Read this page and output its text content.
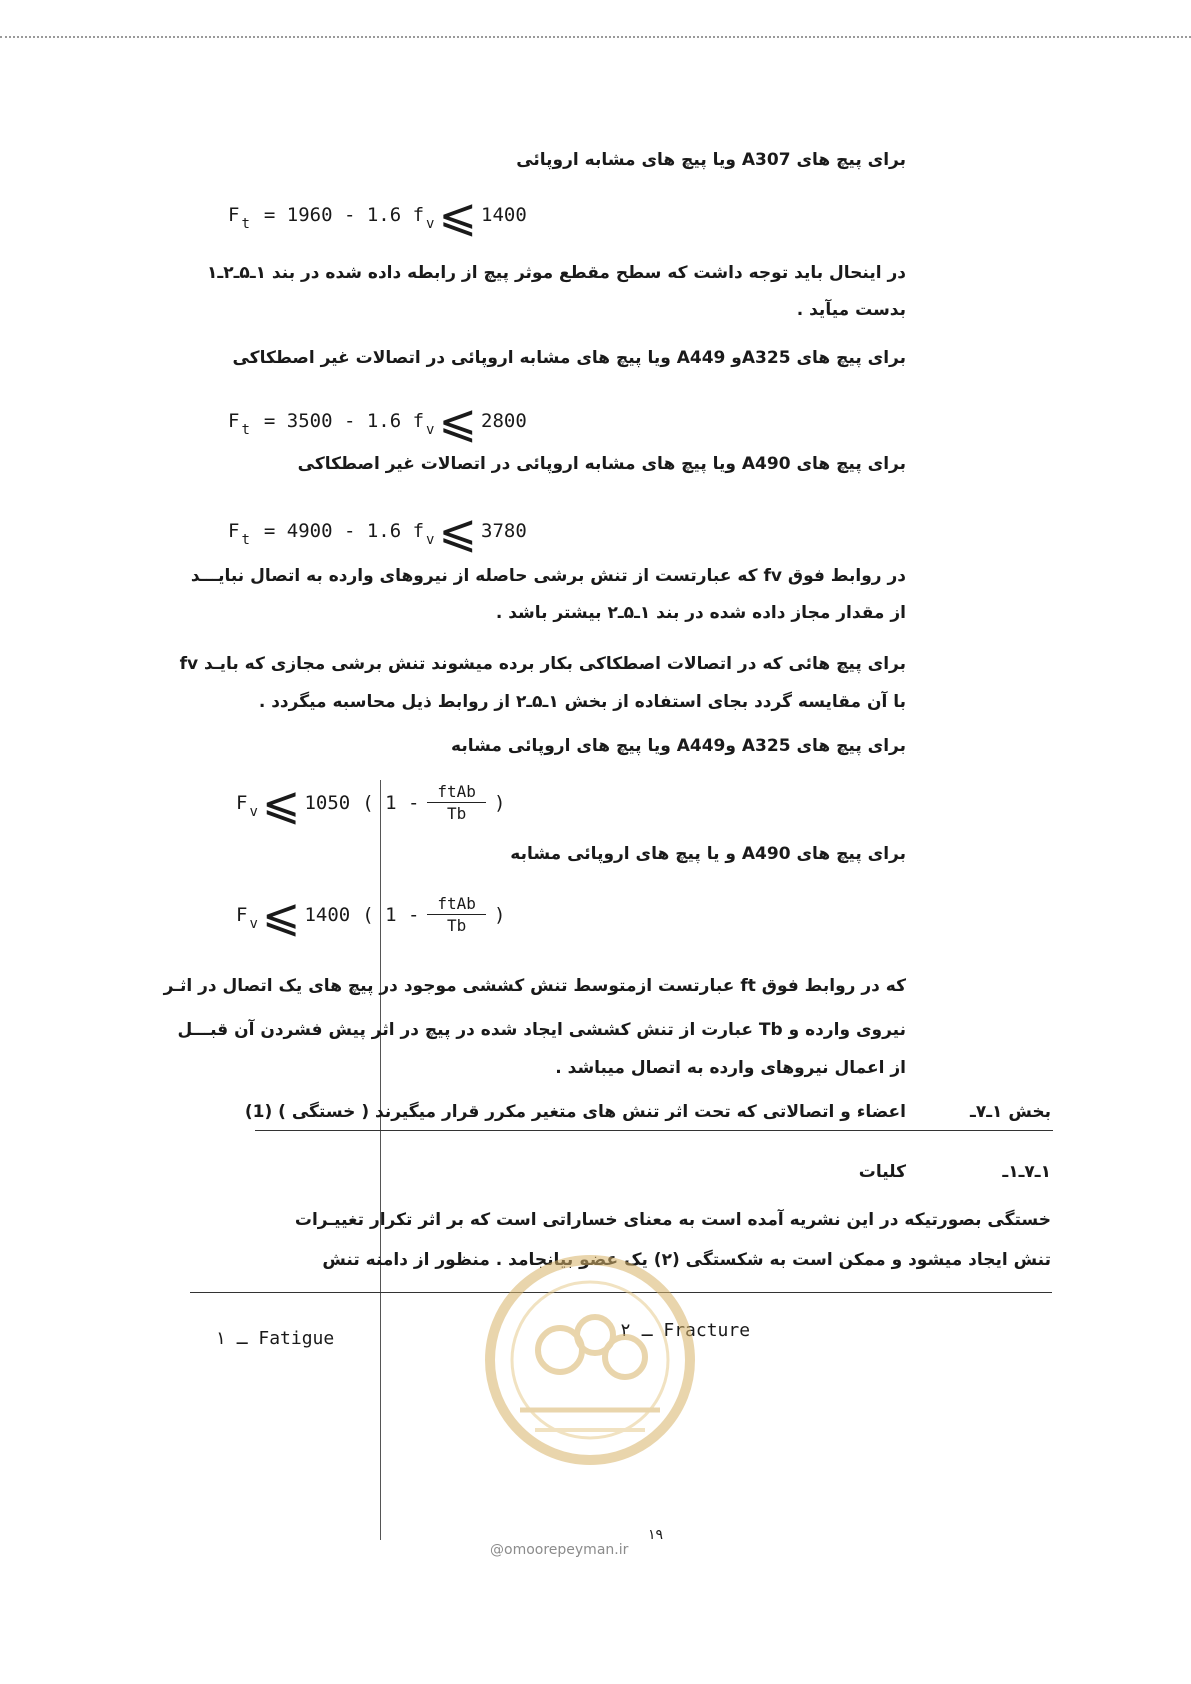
برای پیچ های A307 ویا پیچ های مشابه اروپائی
F t = 1960 - 1.6 f v ⩽ 1400
در اینحال باید توجه داشت که سطح مقطع موثر پیچ از رابطه داده شده در بند ۱ـ۵ـ۲ـ۱
بدست میآید .
برای پیچ های A325و A449 ویا پیچ های مشابه اروپائی در اتصالات غیر اصطکاکی
F t = 3500 - 1.6 f v ⩽ 2800
برای پیچ های A490 ویا پیچ های مشابه اروپائی در اتصالات غیر اصطکاکی
F t = 4900 - 1.6 f v ⩽ 3780
در روابط فوق fv که عبارتست از تنش برشی حاصله از نیروهای وارده به اتصال نبایـــد
از مقدار مجاز داده شده در بند ۱ـ۵ـ۲ بیشتر باشد .
برای پیچ هائی که در اتصالات اصطکاکی بکار برده میشوند تنش برشی مجازی که بایـد fv
با آن مقایسه گردد بجای استفاده از بخش ۱ـ۵ـ۲ از روابط ذیل محاسبه میگردد .
برای پیچ های A325 وA449 ویا پیچ های اروپائی مشابه
F v ⩽ 1050 ( $1 - \frac{\text{ftAb}}{Tb}$ )
برای پیچ های A490 و یا پیچ های اروپائی مشابه
F v ⩽ 1400 ( $1 - \frac{\text{ftAb}}{Tb}$ )
که در روابط فوق ft عبارتست ازمتوسط تنش کششی موجود در پیچ های یک اتصال در اثـر
نیروی وارده و Tb عبارت از تنش کششی ایجاد شده در پیچ در اثر پیش فشردن آن قبـــل
از اعمال نیروهای وارده به اتصال میباشد .
بخش ۱ـ۷ـ
اعضاء و اتصالاتی که تحت اثر تنش های متغیر مکرر قرار میگیرند ( خستگی ) (1)
۱ـ۷ـ۱ـ
کلیات
خستگی بصورتیکه در این نشریه آمده است به معنای خساراتی است که بر اثر تکرار تغییـرات
تنش ایجاد میشود و ممکن است به شکستگی (۲) یک عضو بیانجامد . منظور از دامنه تنش
۱ ـ Fatigue	۲ ـ Fracture
@omoorepeyman.ir
۱۹
